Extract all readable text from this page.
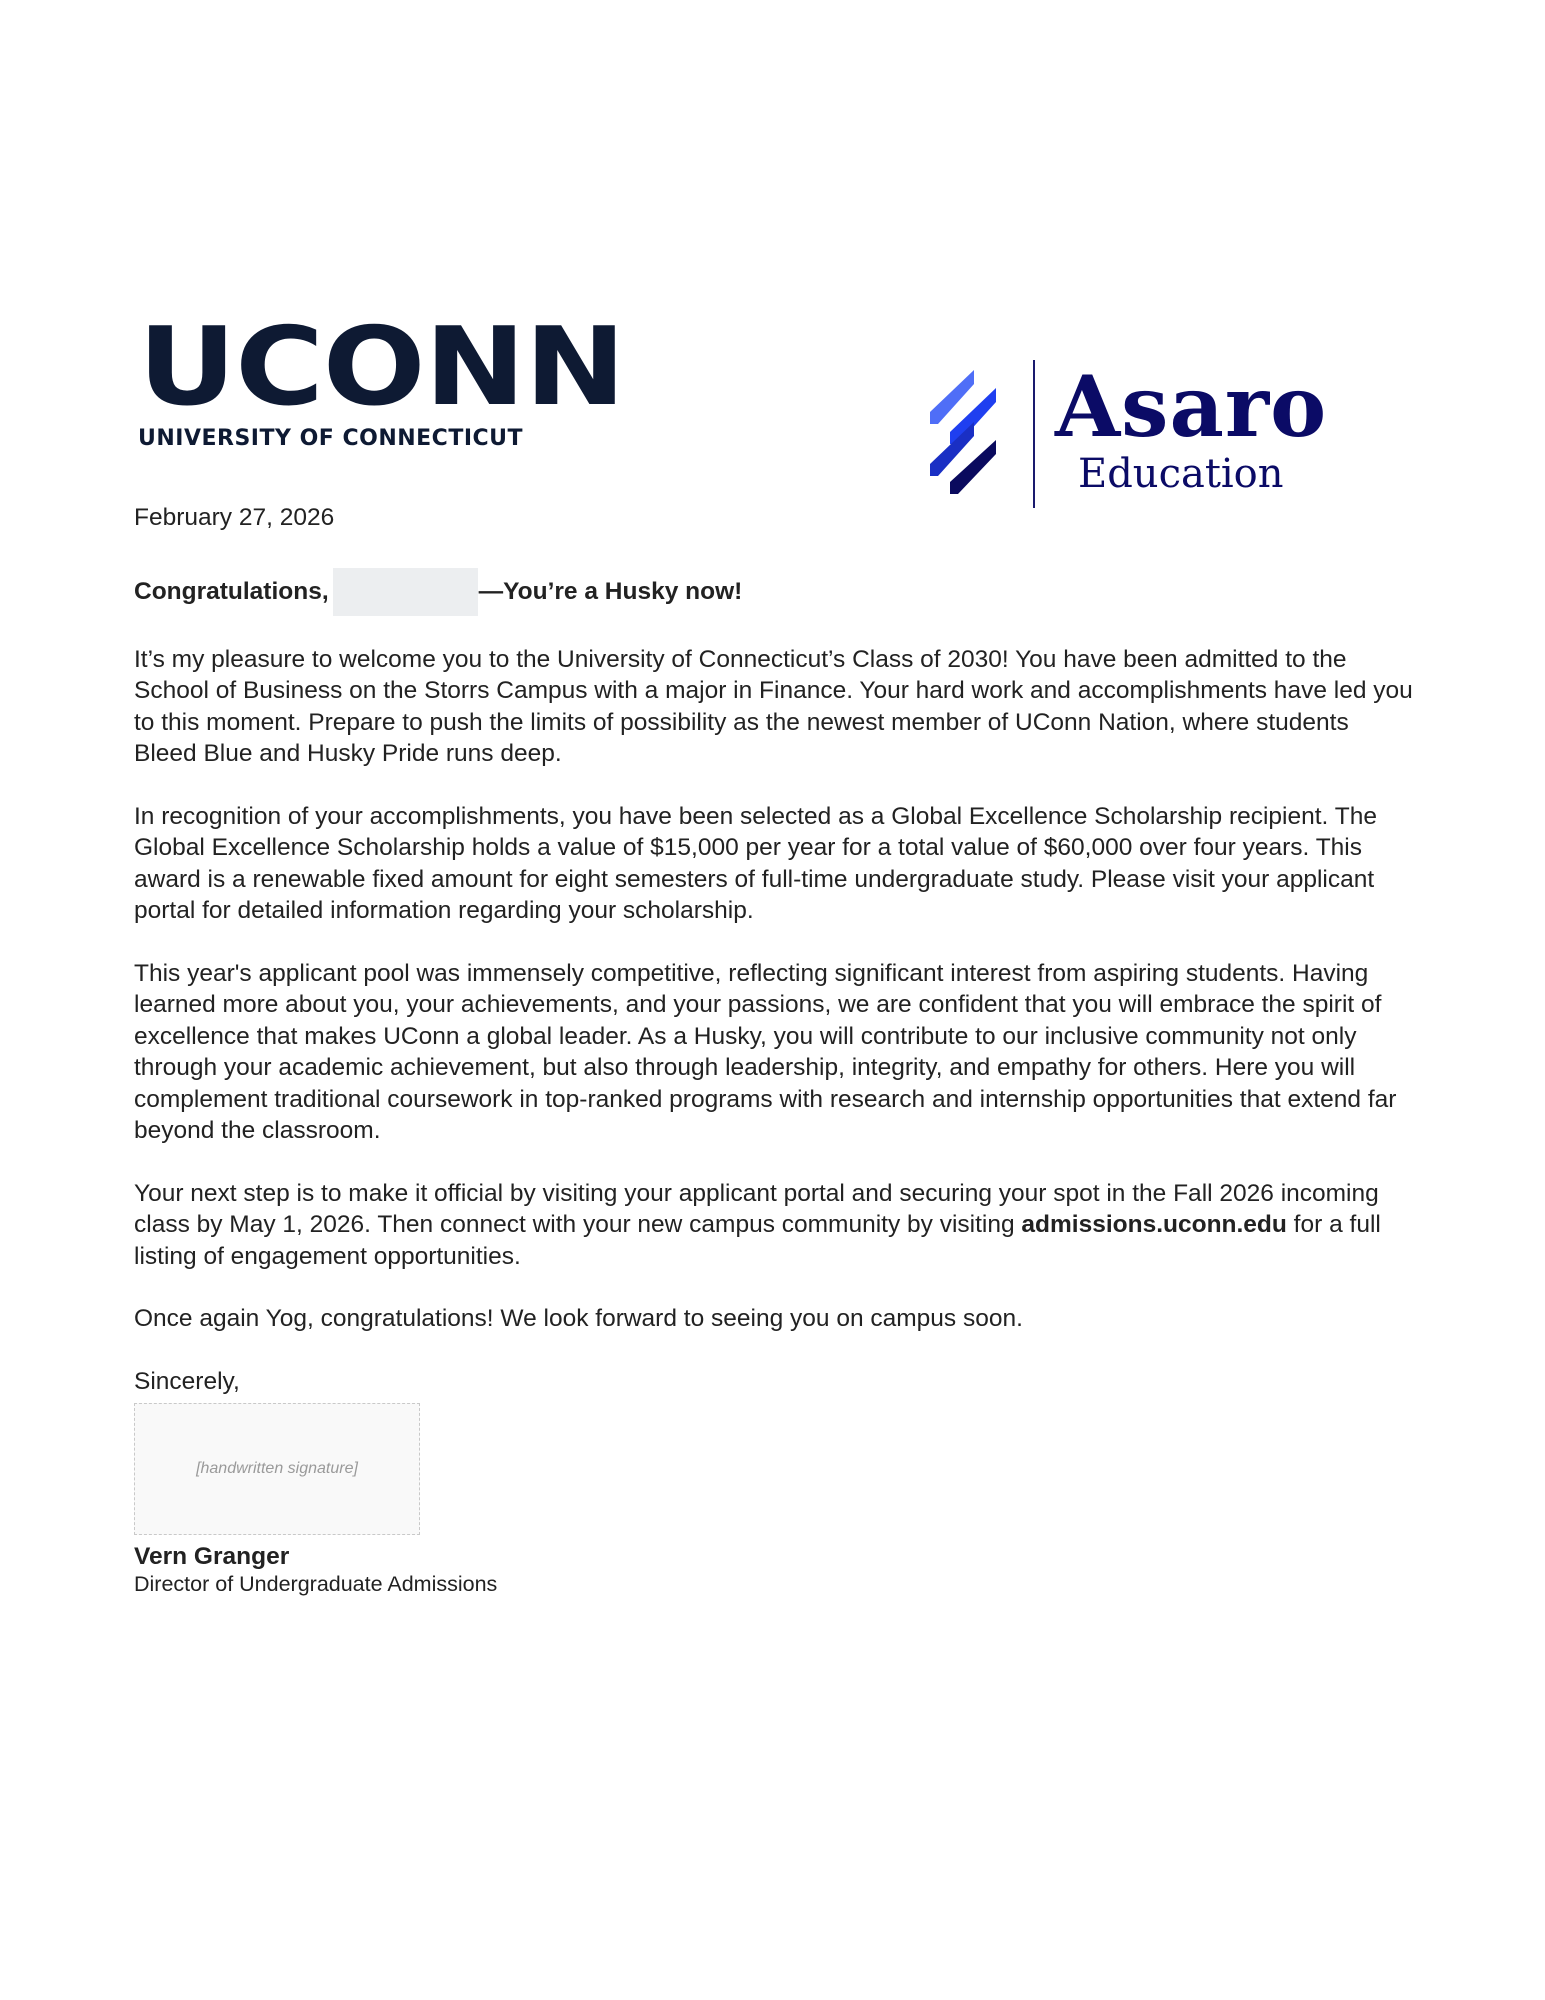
UCONN
UNIVERSITY OF CONNECTICUT	Asaro
Education

February 27, 2026

Congratulations,	—You’re a Husky now!

It’s my pleasure to welcome you to the University of Connecticut’s Class of 2030! You have been admitted to the School of Business on the Storrs Campus with a major in Finance. Your hard work and accomplishments have led you to this moment. Prepare to push the limits of possibility as the newest member of UConn Nation, where students Bleed Blue and Husky Pride runs deep.

In recognition of your accomplishments, you have been selected as a Global Excellence Scholarship recipient. The Global Excellence Scholarship holds a value of $15,000 per year for a total value of $60,000 over four years. This award is a renewable fixed amount for eight semesters of full-time undergraduate study. Please visit your applicant portal for detailed information regarding your scholarship.

This year's applicant pool was immensely competitive, reflecting significant interest from aspiring students. Having learned more about you, your achievements, and your passions, we are confident that you will embrace the spirit of excellence that makes UConn a global leader. As a Husky, you will contribute to our inclusive community not only through your academic achievement, but also through leadership, integrity, and empathy for others. Here you will complement traditional coursework in top-ranked programs with research and internship opportunities that extend far beyond the classroom.

Your next step is to make it official by visiting your applicant portal and securing your spot in the Fall 2026 incoming class by May 1, 2026. Then connect with your new campus community by visiting admissions.uconn.edu for a full listing of engagement opportunities.

Once again Yog, congratulations! We look forward to seeing you on campus soon.

Sincerely,

[handwritten signature]
Vern Granger
Director of Undergraduate Admissions
